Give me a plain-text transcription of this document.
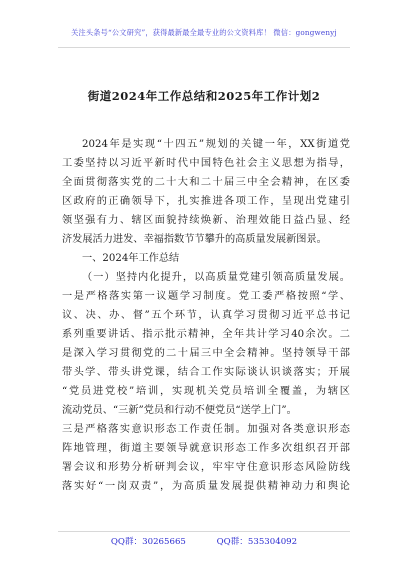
关注头条号“公文研究”，获得最新最全最专业的公文资料库！ 微信：gongwenyj
街道2024年工作总结和2025年工作计划2
2024年是实现“十四五”规划的关键一年，XX街道党
工委坚持以习近平新时代中国特色社会主义思想为指导，
全面贯彻落实党的二十大和二十届三中全会精神，在区委
区政府的正确领导下，扎实推进各项工作，呈现出党建引
领坚强有力、辖区面貌持续焕新、治理效能日益凸显、经
济发展活力进发、幸福指数节节攀升的高质量发展新图景。
一、2024年工作总结
（一）坚持内化提升，以高质量党建引领高质量发展。
一是严格落实第一议题学习制度。党工委严格按照“学、
议、决、办、督”五个环节，认真学习贯彻习近平总书记
系列重要讲话、指示批示精神，全年共计学习40余次。二
是深入学习贯彻党的二十届三中全会精神。坚持领导干部
带头学、带头讲党课，结合工作实际谈认识谈落实；开展
“党员进党校”培训，实现机关党员培训全覆盖，为辖区
流动党员、“三新”党员和行动不便党员“送学上门”。
三是严格落实意识形态工作责任制。加强对各类意识形态
阵地管理，街道主要领导就意识形态工作多次组织召开部
署会议和形势分析研判会议，牢牢守住意识形态风险防线
落实好“一岗双责”，为高质量发展提供精神动力和舆论
QQ群：30265665	QQ群：535304092
